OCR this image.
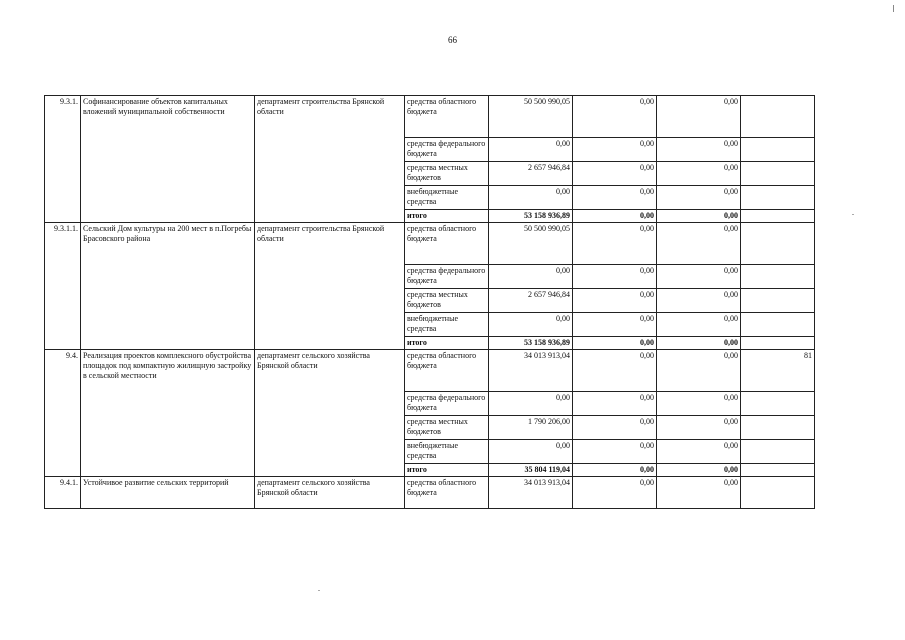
66
9.3.1.	Софинансирование объектов капитальных вложений муниципальной собственности	департамент строительства Брянской области	средства областного бюджета	50 500 990,05	0,00	0,00	
			средства федерального бюджета	0,00	0,00	0,00	
			средства местных бюджетов	2 657 946,84	0,00	0,00	
			внебюджетные средства	0,00	0,00	0,00	
			итого	53 158 936,89	0,00	0,00	
9.3.1.1.	Сельский Дом культуры на 200 мест в п.Погребы Брасовского района	департамент строительства Брянской области	средства областного бюджета	50 500 990,05	0,00	0,00	
			средства федерального бюджета	0,00	0,00	0,00	
			средства местных бюджетов	2 657 946,84	0,00	0,00	
			внебюджетные средства	0,00	0,00	0,00	
			итого	53 158 936,89	0,00	0,00	
9.4.	Реализация проектов комплексного обустройства площадок под компактную жилищную застройку в сельской местности	департамент сельского хозяйства Брянской области	средства областного бюджета	34 013 913,04	0,00	0,00	81
			средства федерального бюджета	0,00	0,00	0,00	
			средства местных бюджетов	1 790 206,00	0,00	0,00	
			внебюджетные средства	0,00	0,00	0,00	
			итого	35 804 119,04	0,00	0,00	
9.4.1.	Устойчивое развитие сельских территорий	департамент сельского хозяйства Брянской области	средства областного бюджета	34 013 913,04	0,00	0,00	
